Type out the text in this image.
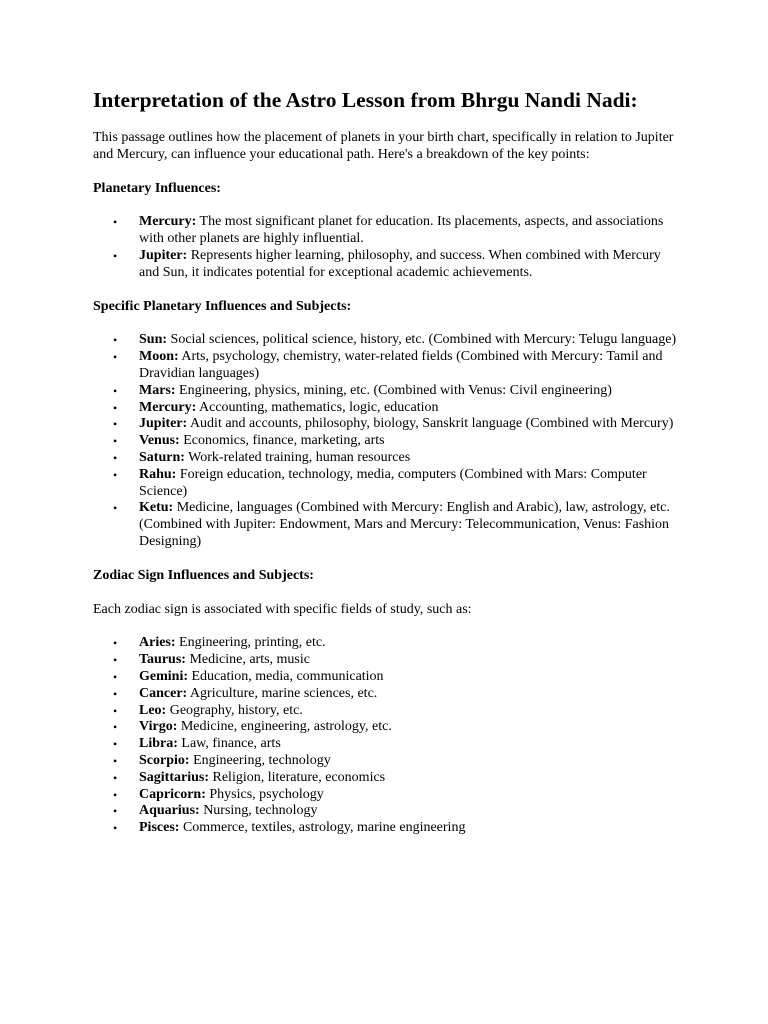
Interpretation of the Astro Lesson from Bhrgu Nandi Nadi:

This passage outlines how the placement of planets in your birth chart, specifically in relation to Jupiter and Mercury, can influence your educational path. Here's a breakdown of the key points:

Planetary Influences:

• Mercury: The most significant planet for education. Its placements, aspects, and associations with other planets are highly influential.
• Jupiter: Represents higher learning, philosophy, and success. When combined with Mercury and Sun, it indicates potential for exceptional academic achievements.

Specific Planetary Influences and Subjects:

• Sun: Social sciences, political science, history, etc. (Combined with Mercury: Telugu language)
• Moon: Arts, psychology, chemistry, water-related fields (Combined with Mercury: Tamil and Dravidian languages)
• Mars: Engineering, physics, mining, etc. (Combined with Venus: Civil engineering)
• Mercury: Accounting, mathematics, logic, education
• Jupiter: Audit and accounts, philosophy, biology, Sanskrit language (Combined with Mercury)
• Venus: Economics, finance, marketing, arts
• Saturn: Work-related training, human resources
• Rahu: Foreign education, technology, media, computers (Combined with Mars: Computer Science)
• Ketu: Medicine, languages (Combined with Mercury: English and Arabic), law, astrology, etc. (Combined with Jupiter: Endowment, Mars and Mercury: Telecommunication, Venus: Fashion Designing)

Zodiac Sign Influences and Subjects:

Each zodiac sign is associated with specific fields of study, such as:

• Aries: Engineering, printing, etc.
• Taurus: Medicine, arts, music
• Gemini: Education, media, communication
• Cancer: Agriculture, marine sciences, etc.
• Leo: Geography, history, etc.
• Virgo: Medicine, engineering, astrology, etc.
• Libra: Law, finance, arts
• Scorpio: Engineering, technology
• Sagittarius: Religion, literature, economics
• Capricorn: Physics, psychology
• Aquarius: Nursing, technology
• Pisces: Commerce, textiles, astrology, marine engineering
